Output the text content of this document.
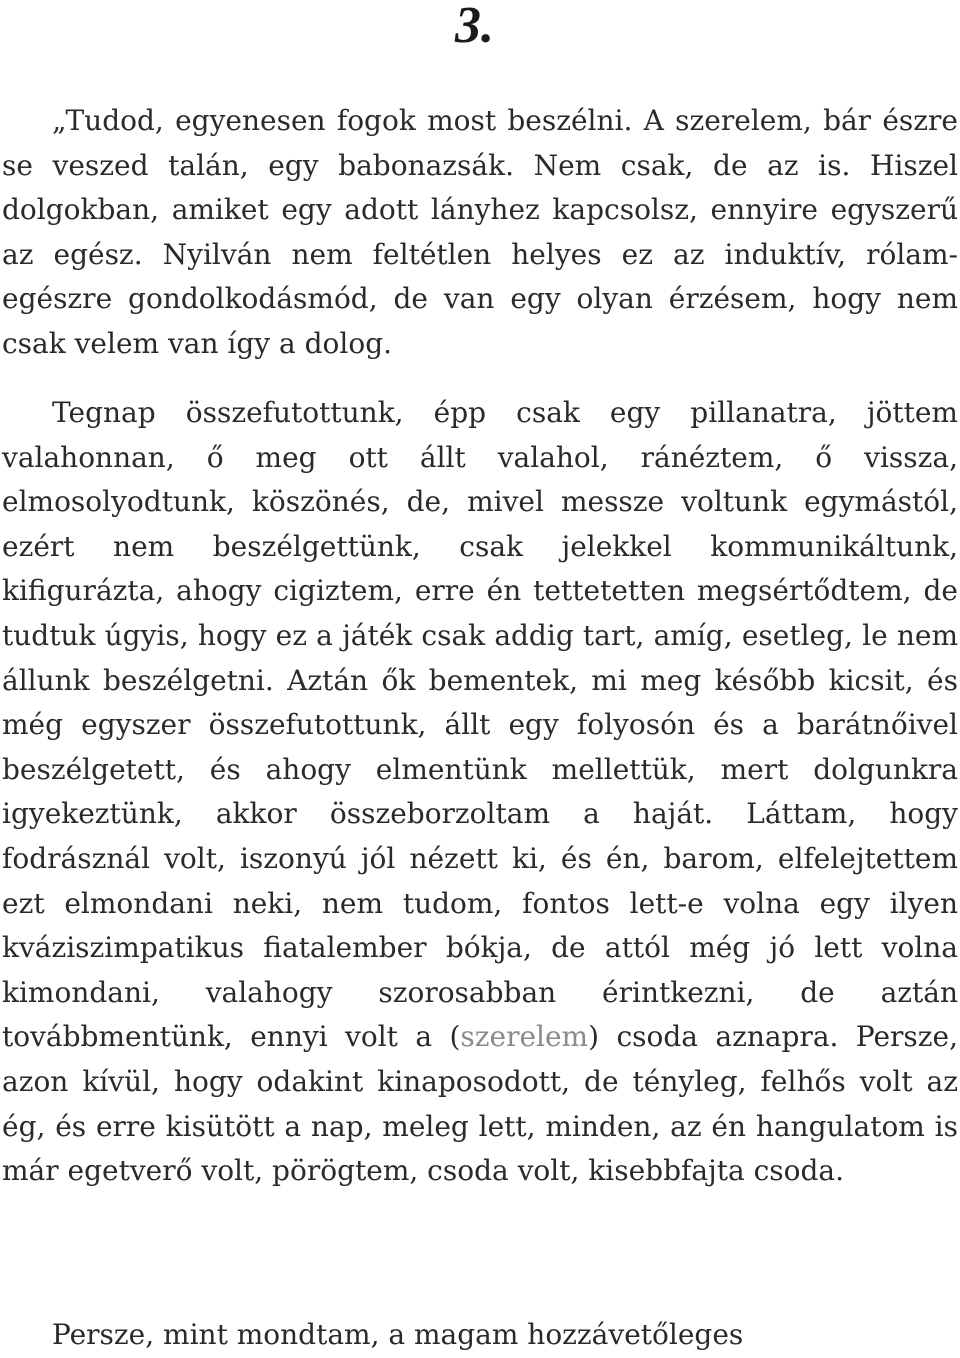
3.

„Tudod, egyenesen fogok most beszélni. A szerelem, bár észre se veszed talán, egy babonazsák. Nem csak, de az is. Hiszel dolgokban, amiket egy adott lányhez kapcsolsz, ennyire egyszerű az egész. Nyilván nem feltétlen helyes ez az induktív, rólam-egészre gondolkodásmód, de van egy olyan érzésem, hogy nem csak velem van így a dolog.

Tegnap összefutottunk, épp csak egy pillanatra, jöttem valahonnan, ő meg ott állt valahol, ránéztem, ő vissza, elmosolyodtunk, köszönés, de, mivel messze voltunk egymástól, ezért nem beszélgettünk, csak jelekkel kommunikáltunk, kifigurázta, ahogy cigiztem, erre én tettetetten megsértődtem, de tudtuk úgyis, hogy ez a játék csak addig tart, amíg, esetleg, le nem állunk beszélgetni. Aztán ők bementek, mi meg később kicsit, és még egyszer összefutottunk, állt egy folyosón és a barátnőivel beszélgetett, és ahogy elmentünk mellettük, mert dolgunkra igyekeztünk, akkor összeborzoltam a haját. Láttam, hogy fodrásznál volt, iszonyú jól nézett ki, és én, barom, elfelejtettem ezt elmondani neki, nem tudom, fontos lett-e volna egy ilyen kváziszimpatikus fiatalember bókja, de attól még jó lett volna kimondani, valahogy szorosabban érintkezni, de aztán továbbmentünk, ennyi volt a (szerelem) csoda aznapra. Persze, azon kívül, hogy odakint kinaposodott, de tényleg, felhős volt az ég, és erre kisütött a nap, meleg lett, minden, az én hangulatom is már egetverő volt, pörögtem, csoda volt, kisebbfajta csoda.

Persze, mint mondtam, a magam hozzávetőleges
